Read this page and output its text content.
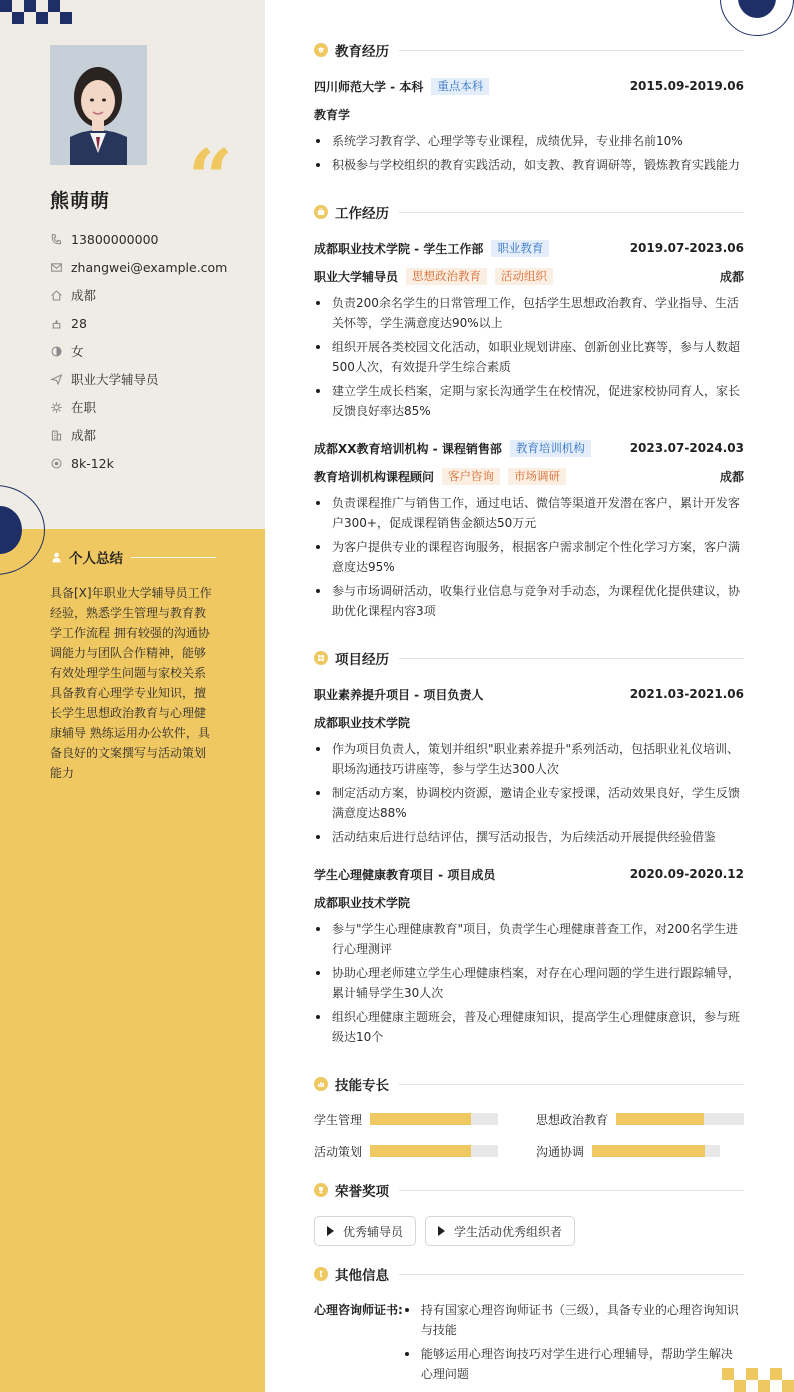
“
熊萌萌
13800000000
zhangwei@example.com
成都
28
女
职业大学辅导员
在职
成都
8k-12k
个人总结
具备[X]年职业大学辅导员工作经验，熟悉学生管理与教育教学工作流程 拥有较强的沟通协调能力与团队合作精神，能够有效处理学生问题与家校关系 具备教育心理学专业知识，擅长学生思想政治教育与心理健康辅导 熟练运用办公软件，具备良好的文案撰写与活动策划能力
教育经历
四川师范大学 - 本科	重点本科	2015.09-2019.06
教育学
系统学习教育学、心理学等专业课程，成绩优异，专业排名前10%
积极参与学校组织的教育实践活动，如支教、教育调研等，锻炼教育实践能力
工作经历
成都职业技术学院 - 学生工作部	职业教育	2019.07-2023.06
职业大学辅导员	思想政治教育	活动组织	成都
负责200余名学生的日常管理工作，包括学生思想政治教育、学业指导、生活关怀等，学生满意度达90%以上
组织开展各类校园文化活动，如职业规划讲座、创新创业比赛等，参与人数超500人次，有效提升学生综合素质
建立学生成长档案，定期与家长沟通学生在校情况，促进家校协同育人，家长反馈良好率达85%
成都XX教育培训机构 - 课程销售部	教育培训机构	2023.07-2024.03
教育培训机构课程顾问	客户咨询	市场调研	成都
负责课程推广与销售工作，通过电话、微信等渠道开发潜在客户，累计开发客户300+，促成课程销售金额达50万元
为客户提供专业的课程咨询服务，根据客户需求制定个性化学习方案，客户满意度达95%
参与市场调研活动，收集行业信息与竞争对手动态，为课程优化提供建议，协助优化课程内容3项
项目经历
职业素养提升项目 - 项目负责人	2021.03-2021.06
成都职业技术学院
作为项目负责人，策划并组织"职业素养提升"系列活动，包括职业礼仪培训、职场沟通技巧讲座等，参与学生达300人次
制定活动方案，协调校内资源，邀请企业专家授课，活动效果良好，学生反馈满意度达88%
活动结束后进行总结评估，撰写活动报告，为后续活动开展提供经验借鉴
学生心理健康教育项目 - 项目成员	2020.09-2020.12
成都职业技术学院
参与"学生心理健康教育"项目，负责学生心理健康普查工作，对200名学生进行心理测评
协助心理老师建立学生心理健康档案，对存在心理问题的学生进行跟踪辅导，累计辅导学生30人次
组织心理健康主题班会，普及心理健康知识，提高学生心理健康意识，参与班级达10个
技能专长
学生管理	思想政治教育
活动策划	沟通协调
荣誉奖项
优秀辅导员	学生活动优秀组织者
其他信息
心理咨询师证书:	持有国家心理咨询师证书（三级），具备专业的心理咨询知识与技能
能够运用心理咨询技巧对学生进行心理辅导，帮助学生解决心理问题
